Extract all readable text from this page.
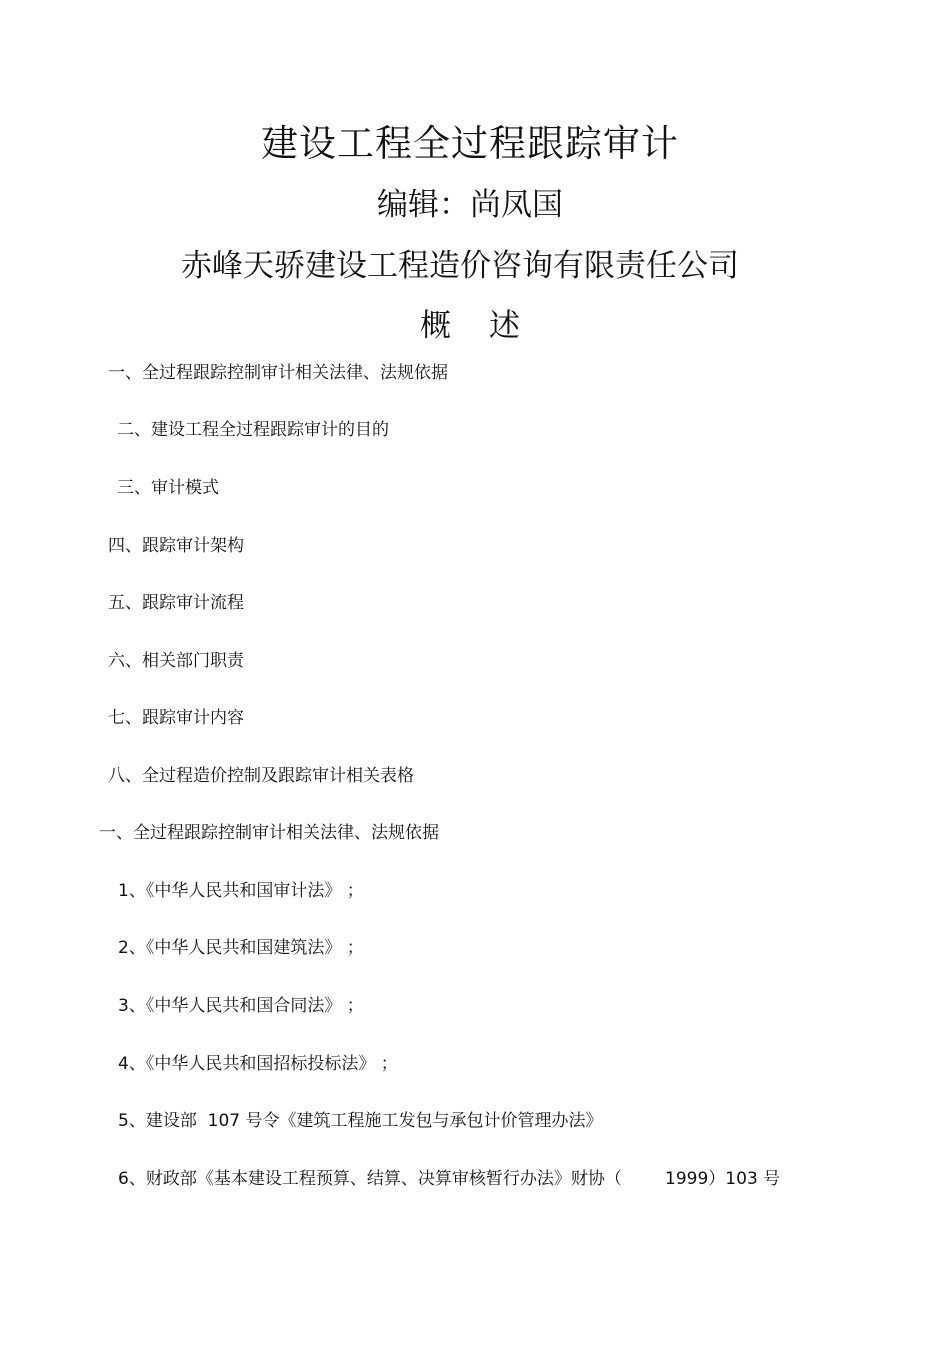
建设工程全过程跟踪审计
编辑：尚凤国
赤峰天骄建设工程造价咨询有限责任公司
概述
一、全过程跟踪控制审计相关法律、法规依据
二、建设工程全过程跟踪审计的目的
三、审计模式
四、跟踪审计架构
五、跟踪审计流程
六、相关部门职责
七、跟踪审计内容
八、全过程造价控制及跟踪审计相关表格
一、全过程跟踪控制审计相关法律、法规依据
1、《中华人民共和国审计法》 ；
2、《中华人民共和国建筑法》 ；
3、《中华人民共和国合同法》 ；
4、《中华人民共和国招标投标法》 ；
5、建设部  107 号令《建筑工程施工发包与承包计价管理办法》
6、财政部《基本建设工程预算、结算、决算审核暂行办法》财协（        1999）103 号
